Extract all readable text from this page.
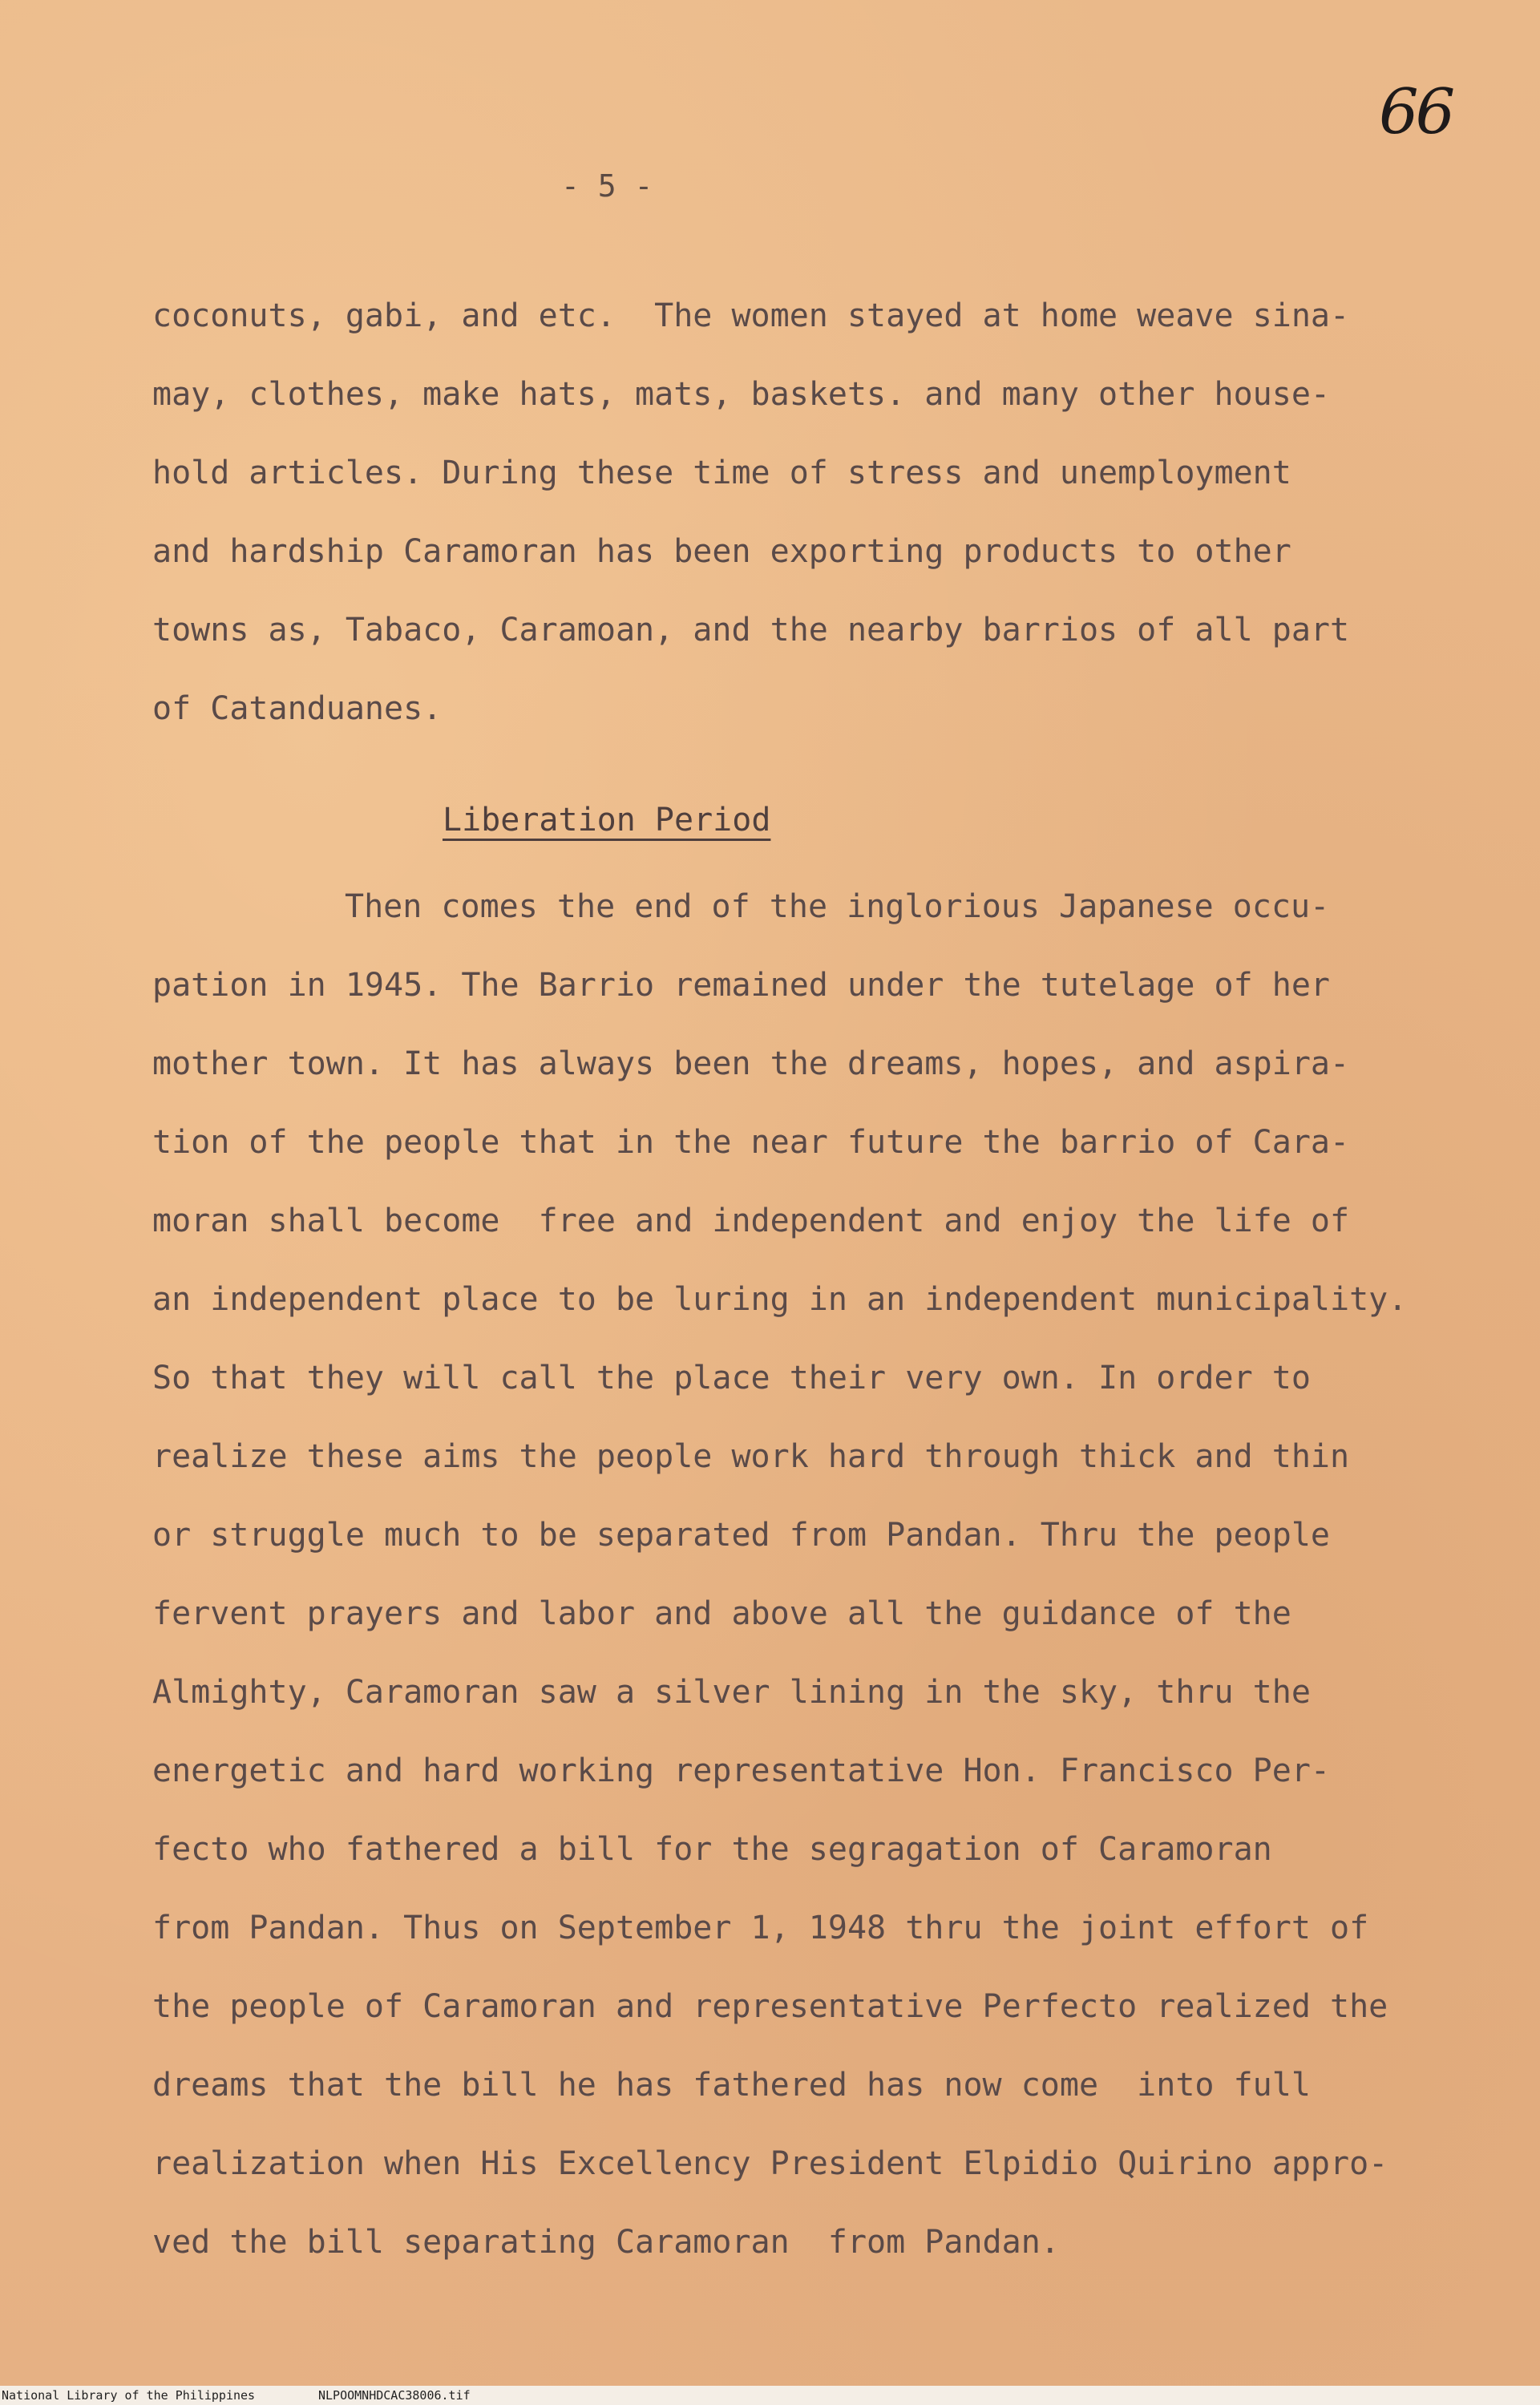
66
- 5 -
coconuts, gabi, and etc.  The women stayed at home weave sina-
may, clothes, make hats, mats, baskets. and many other house-
hold articles. During these time of stress and unemployment
and hardship Caramoran has been exporting products to other
towns as, Tabaco, Caramoan, and the nearby barrios of all part
of Catanduanes.
Liberation Period
Then comes the end of the inglorious Japanese occu-
pation in 1945. The Barrio remained under the tutelage of her
mother town. It has always been the dreams, hopes, and aspira-
tion of the people that in the near future the barrio of Cara-
moran shall become  free and independent and enjoy the life of
an independent place to be luring in an independent municipality.
So that they will call the place their very own. In order to
realize these aims the people work hard through thick and thin
or struggle much to be separated from Pandan. Thru the people
fervent prayers and labor and above all the guidance of the
Almighty, Caramoran saw a silver lining in the sky, thru the
energetic and hard working representative Hon. Francisco Per-
fecto who fathered a bill for the segragation of Caramoran
from Pandan. Thus on September 1, 1948 thru the joint effort of
the people of Caramoran and representative Perfecto realized the
dreams that the bill he has fathered has now come  into full
realization when His Excellency President Elpidio Quirino appro-
ved the bill separating Caramoran  from Pandan.
National Library of the Philippines	NLPOOMNHDCAC38006.tif
